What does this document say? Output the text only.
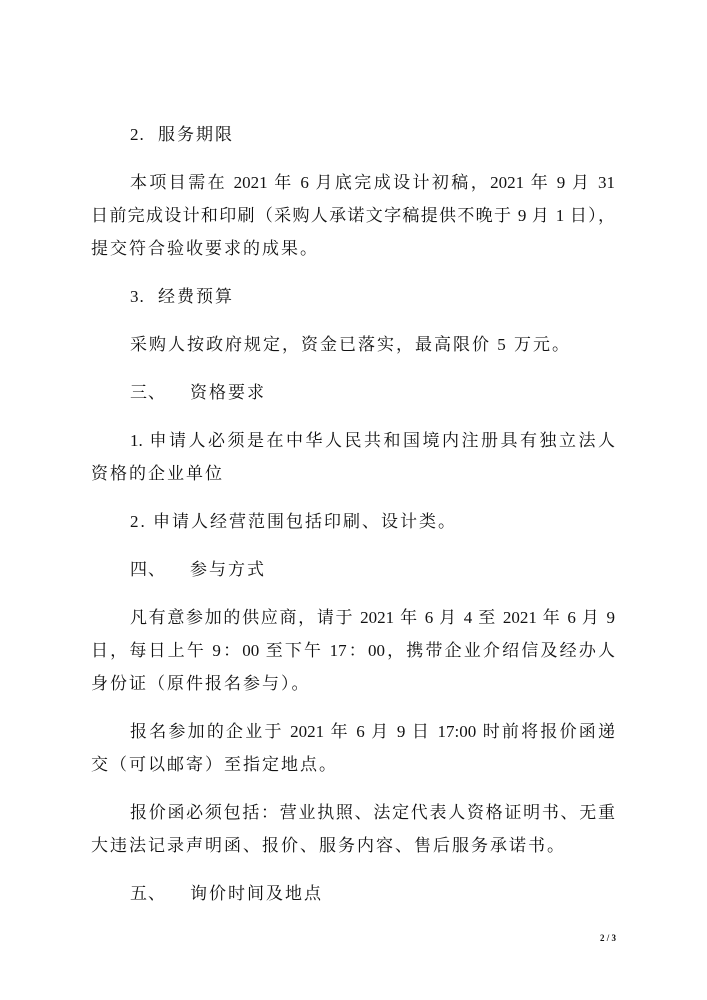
2.

服务期限

本项目需在 2021 年 6 月底完成设计初稿，2021 年 9 月 31
日前完成设计和印刷（采购人承诺文字稿提供不晚于 9 月 1 日），
提交符合验收要求的成果。

3.

经费预算

采购人按政府规定，资金已落实，最高限价 5 万元。

三、

资格要求

1. 申请人必须是在中华人民共和国境内注册具有独立法人
资格的企业单位
2. 申请人经营范围包括印刷、设计类。

四、

参与方式

凡有意参加的供应商，请于 2021 年 6 月 4 至 2021 年 6 月 9
日，每日上午 9：00 至下午 17：00，携带企业介绍信及经办人
身份证（原件报名参与）。
报名参加的企业于 2021 年 6 月 9 日 17:00 时前将报价函递
交（可以邮寄）至指定地点。
报价函必须包括：营业执照、法定代表人资格证明书、无重
大违法记录声明函、报价、服务内容、售后服务承诺书。

五、

询价时间及地点

2 / 3
